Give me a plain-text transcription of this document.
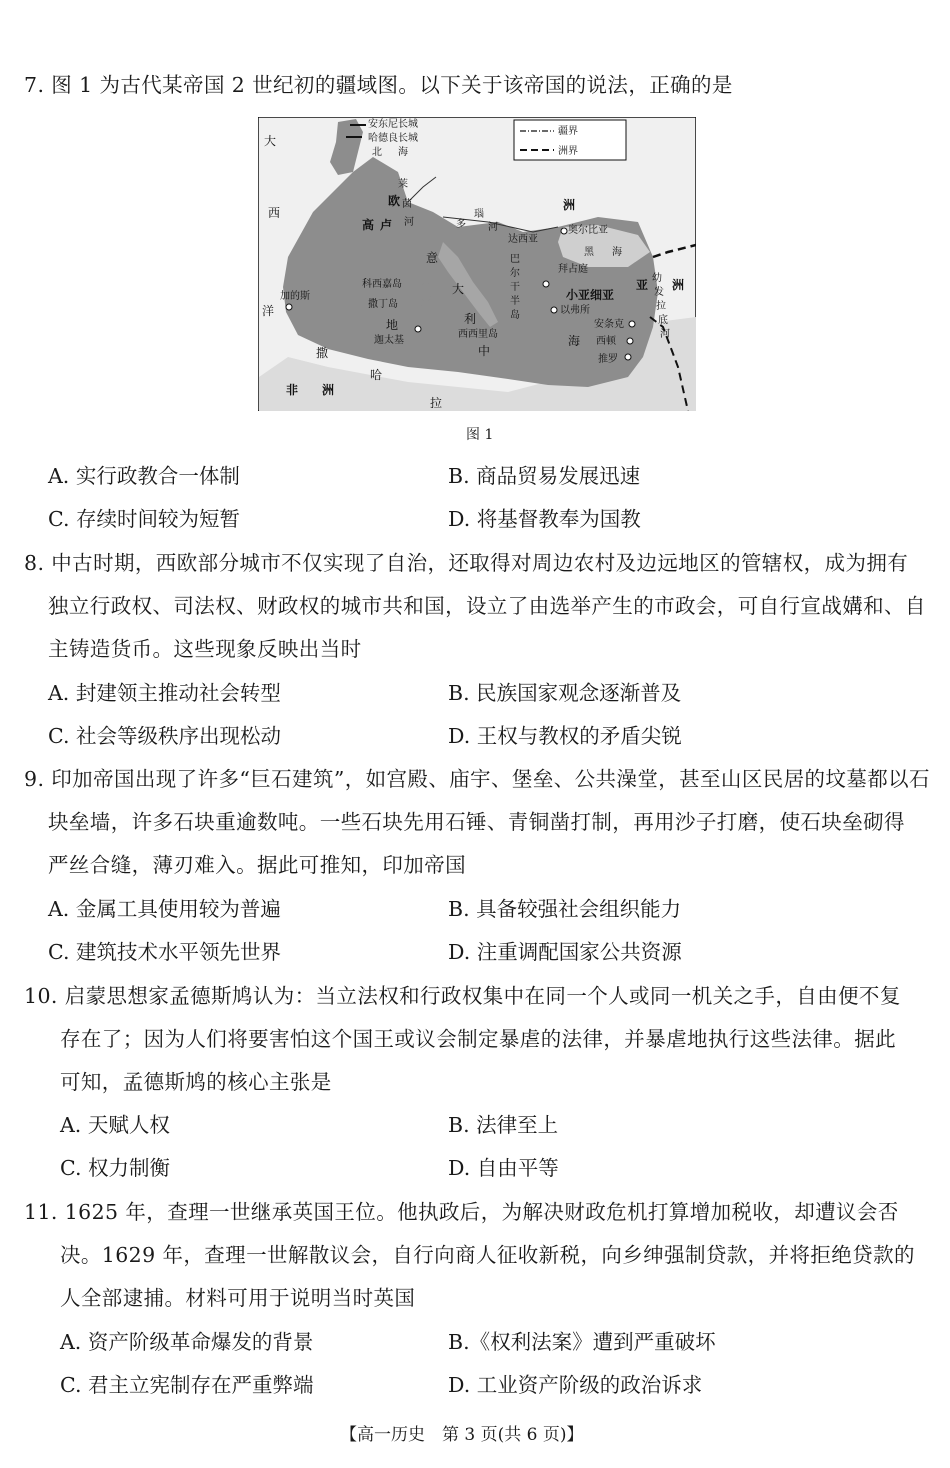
7. 图 1 为古代某帝国 2 世纪初的疆域图。以下关于该帝国的说法，正确的是
疆界
洲界
安东尼长城
哈德良长城
北 海
大
西
洋
加的斯
高 卢
莱
茵
河
欧	洲
多
瑙
河
达西亚
奥尔比亚
黑 海
拜占庭
小亚细亚
以弗所
巴
尔
干
半
岛
意
大
利
科西嘉岛
撒丁岛
地
西西里岛
中
海
迦太基
安条克
西顿
推罗
非 洲
撒
哈
拉
亚 洲
幼
发
拉
底
河
图 1
A. 实行政教合一体制	B. 商品贸易发展迅速
C. 存续时间较为短暂	D. 将基督教奉为国教
8. 中古时期，西欧部分城市不仅实现了自治，还取得对周边农村及边远地区的管辖权，成为拥有
独立行政权、司法权、财政权的城市共和国，设立了由选举产生的市政会，可自行宣战媾和、自
主铸造货币。这些现象反映出当时
A. 封建领主推动社会转型	B. 民族国家观念逐渐普及
C. 社会等级秩序出现松动	D. 王权与教权的矛盾尖锐
9. 印加帝国出现了许多“巨石建筑”，如宫殿、庙宇、堡垒、公共澡堂，甚至山区民居的坟墓都以石
块垒墙，许多石块重逾数吨。一些石块先用石锤、青铜凿打制，再用沙子打磨，使石块垒砌得
严丝合缝，薄刃难入。据此可推知，印加帝国
A. 金属工具使用较为普遍	B. 具备较强社会组织能力
C. 建筑技术水平领先世界	D. 注重调配国家公共资源
10. 启蒙思想家孟德斯鸠认为：当立法权和行政权集中在同一个人或同一机关之手，自由便不复
存在了；因为人们将要害怕这个国王或议会制定暴虐的法律，并暴虐地执行这些法律。据此
可知，孟德斯鸠的核心主张是
A. 天赋人权	B. 法律至上
C. 权力制衡	D. 自由平等
11. 1625 年，查理一世继承英国王位。他执政后，为解决财政危机打算增加税收，却遭议会否
决。1629 年，查理一世解散议会，自行向商人征收新税，向乡绅强制贷款，并将拒绝贷款的
人全部逮捕。材料可用于说明当时英国
A. 资产阶级革命爆发的背景	B.《权利法案》遭到严重破坏
C. 君主立宪制存在严重弊端	D. 工业资产阶级的政治诉求
【高一历史　第 3 页(共 6 页)】
